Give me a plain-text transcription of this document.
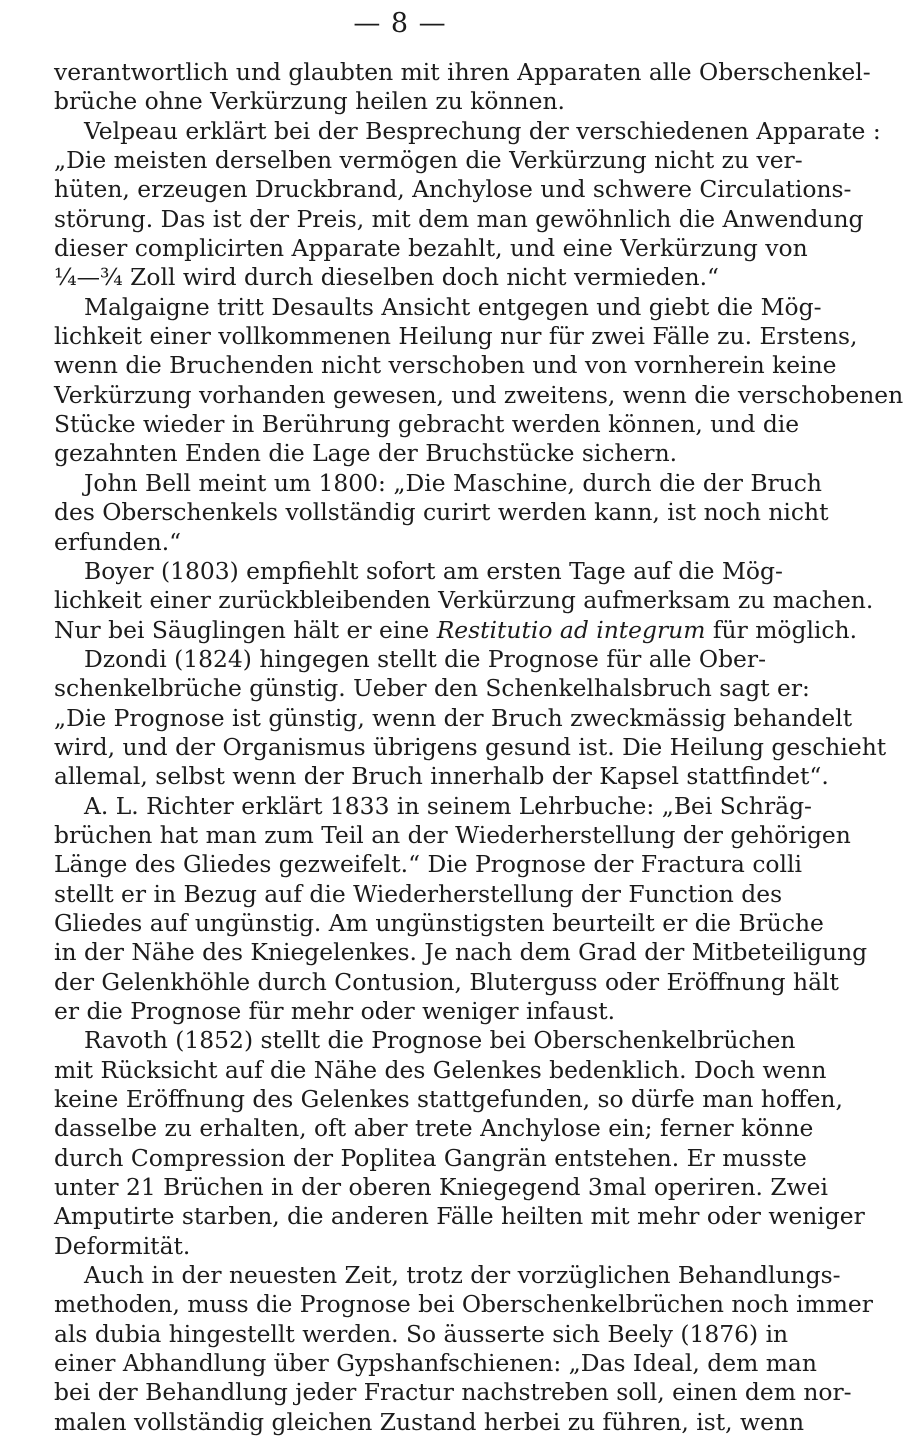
— 8 —

verantwortlich und glaubten mit ihren Apparaten alle Oberschenkel-
brüche ohne Verkürzung heilen zu können.

Velpeau erklärt bei der Besprechung der verschiedenen Apparate :
„Die meisten derselben vermögen die Verkürzung nicht zu ver-
hüten, erzeugen Druckbrand, Anchylose und schwere Circulations-
störung. Das ist der Preis, mit dem man gewöhnlich die Anwendung
dieser complicirten Apparate bezahlt, und eine Verkürzung von
¼—¾ Zoll wird durch dieselben doch nicht vermieden.“

Malgaigne tritt Desaults Ansicht entgegen und giebt die Mög-
lichkeit einer vollkommenen Heilung nur für zwei Fälle zu. Erstens,
wenn die Bruchenden nicht verschoben und von vornherein keine
Verkürzung vorhanden gewesen, und zweitens, wenn die verschobenen
Stücke wieder in Berührung gebracht werden können, und die
gezahnten Enden die Lage der Bruchstücke sichern.

John Bell meint um 1800: „Die Maschine, durch die der Bruch
des Oberschenkels vollständig curirt werden kann, ist noch nicht
erfunden.“

Boyer (1803) empfiehlt sofort am ersten Tage auf die Mög-
lichkeit einer zurückbleibenden Verkürzung aufmerksam zu machen.
Nur bei Säuglingen hält er eine Restitutio ad integrum für möglich.

Dzondi (1824) hingegen stellt die Prognose für alle Ober-
schenkelbrüche günstig. Ueber den Schenkelhalsbruch sagt er:
„Die Prognose ist günstig, wenn der Bruch zweckmässig behandelt
wird, und der Organismus übrigens gesund ist. Die Heilung geschieht
allemal, selbst wenn der Bruch innerhalb der Kapsel stattfindet“.

A. L. Richter erklärt 1833 in seinem Lehrbuche: „Bei Schräg-
brüchen hat man zum Teil an der Wiederherstellung der gehörigen
Länge des Gliedes gezweifelt.“ Die Prognose der Fractura colli
stellt er in Bezug auf die Wiederherstellung der Function des
Gliedes auf ungünstig. Am ungünstigsten beurteilt er die Brüche
in der Nähe des Kniegelenkes. Je nach dem Grad der Mitbeteiligung
der Gelenkhöhle durch Contusion, Bluterguss oder Eröffnung hält
er die Prognose für mehr oder weniger infaust.

Ravoth (1852) stellt die Prognose bei Oberschenkelbrüchen
mit Rücksicht auf die Nähe des Gelenkes bedenklich. Doch wenn
keine Eröffnung des Gelenkes stattgefunden, so dürfe man hoffen,
dasselbe zu erhalten, oft aber trete Anchylose ein; ferner könne
durch Compression der Poplitea Gangrän entstehen. Er musste
unter 21 Brüchen in der oberen Kniegegend 3mal operiren. Zwei
Amputirte starben, die anderen Fälle heilten mit mehr oder weniger
Deformität.

Auch in der neuesten Zeit, trotz der vorzüglichen Behandlungs-
methoden, muss die Prognose bei Oberschenkelbrüchen noch immer
als dubia hingestellt werden. So äusserte sich Beely (1876) in
einer Abhandlung über Gypshanfschienen: „Das Ideal, dem man
bei der Behandlung jeder Fractur nachstreben soll, einen dem nor-
malen vollständig gleichen Zustand herbei zu führen, ist, wenn
